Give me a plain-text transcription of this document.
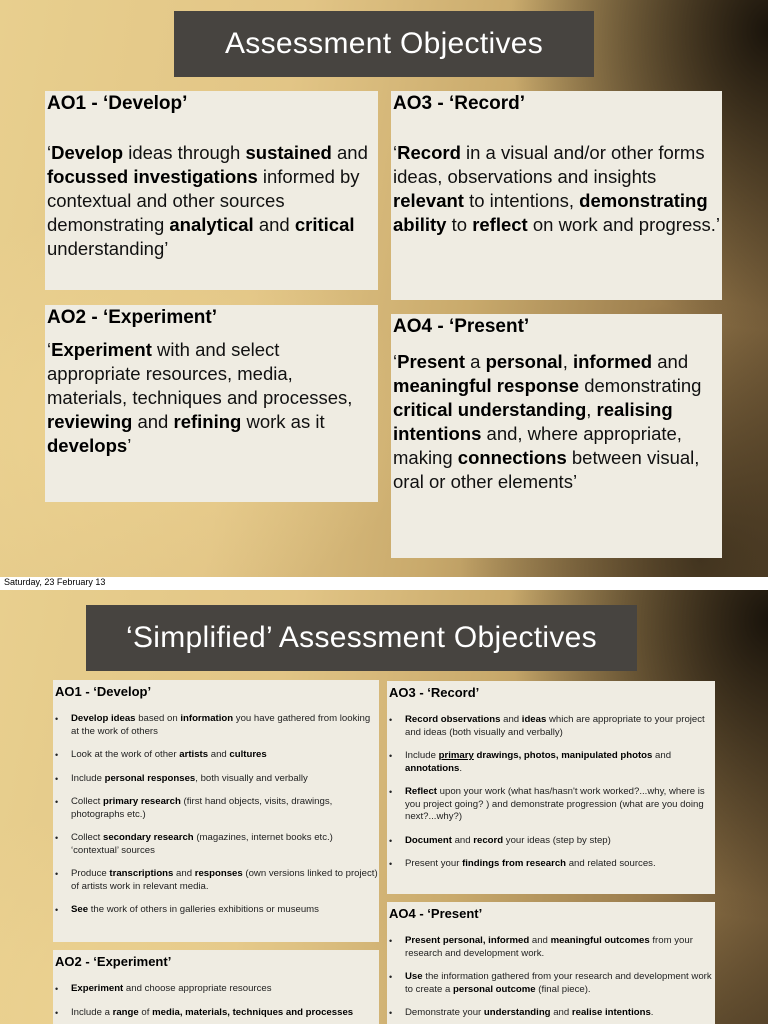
Assessment Objectives
AO1 - ‘Develop’

‘Develop ideas through sustained and focussed investigations informed by contextual and other sources demonstrating analytical and critical understanding’

AO2 - ‘Experiment’

‘Experiment with and select appropriate resources, media, materials, techniques and processes, reviewing and refining work as it develops’

AO3 - ‘Record’

‘Record in a visual and/or other forms ideas, observations and insights relevant to intentions, demonstrating ability to reflect on work and progress.’

AO4 - ‘Present’

‘Present a personal, informed and meaningful response demonstrating critical understanding, realising intentions and, where appropriate, making connections between visual, oral or other elements’

Saturday, 23 February 13
‘Simplified’ Assessment Objectives
AO1 - ‘Develop’
• Develop ideas based on information you have gathered from looking at the work of others
• Look at the work of other artists and cultures
• Include personal responses, both visually and verbally
• Collect primary research (first hand objects, visits, drawings, photographs etc.)
• Collect secondary research (magazines, internet books etc.) ‘contextual’ sources
• Produce transcriptions and responses (own versions linked to project) of artists work in relevant media.
• See the work of others in galleries exhibitions or museums
AO2 - ‘Experiment’
• Experiment and choose appropriate resources
• Include a range of media, materials, techniques and processes
AO3 - ‘Record’
• Record observations and ideas which are appropriate to your project and ideas (both visually and verbally)
• Include primary drawings, photos, manipulated photos and annotations.
• Reflect upon your work (what has/hasn't work worked?...why, where is you project going? ) and demonstrate progression (what are you doing next?...why?)
• Document and record your ideas (step by step)
• Present your findings from research and related sources.
AO4 - ‘Present’
• Present personal, informed and meaningful outcomes from your research and development work.
• Use the information gathered from your research and development work to create a personal outcome (final piece).
• Demonstrate your understanding and realise intentions.
